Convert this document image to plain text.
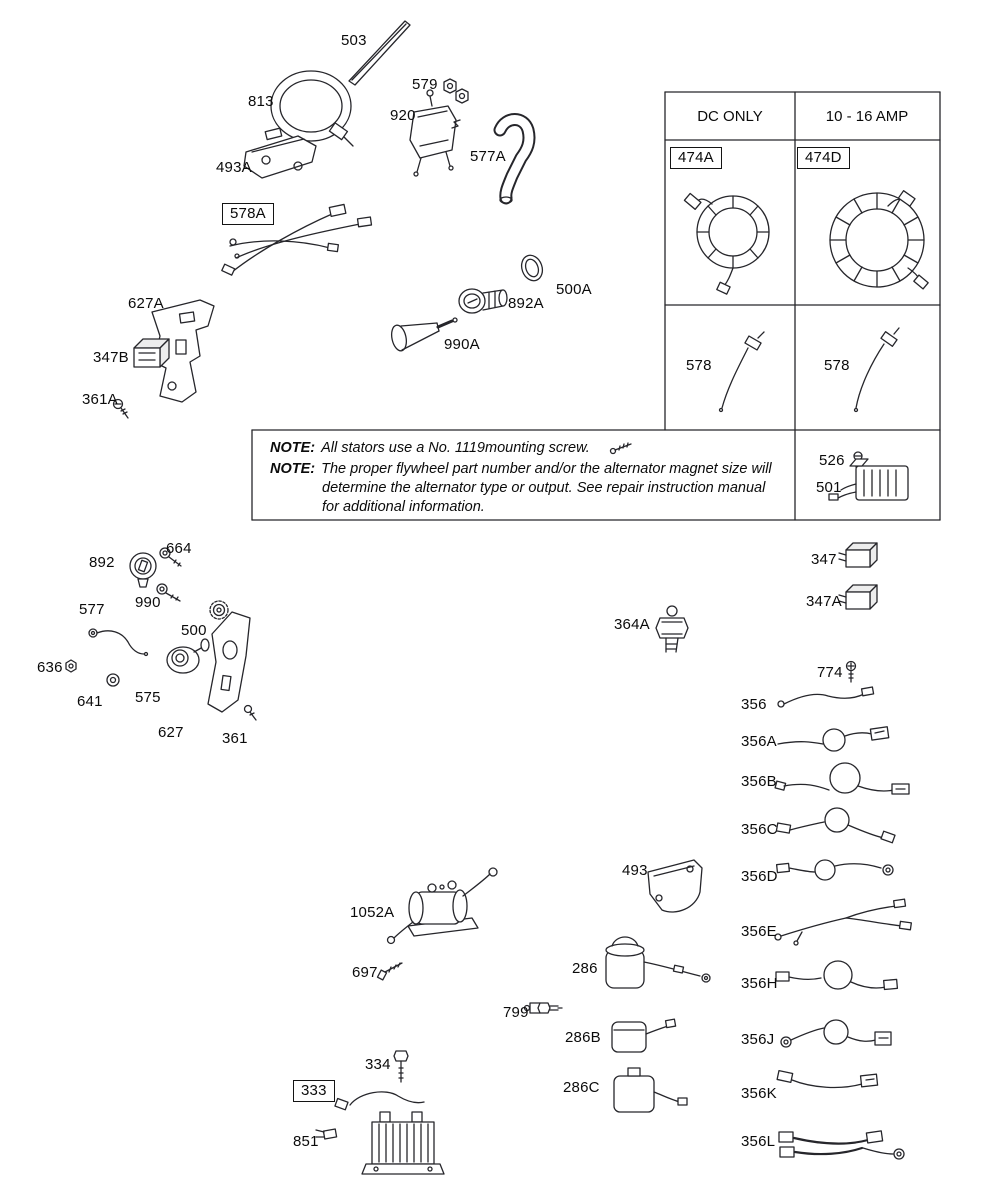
DC ONLY	10 - 16 AMP
NOTE: All stators use a No. 1119mounting screw.
NOTE: The proper flywheel part number and/or the alternator magnet size will
determine the alternator type or output. See repair instruction manual
for additional information.
503
813
493A
579
920
577A
578A
627A
347B
361A
892A
500A
990A
474A	474D
578	578
526
501
892
664
577 990
500
636
641 575
627	361
364A
347
347A
774
356
356A
356B
356C
356D
356E
356H
356J
356K
356L
1052A
697
334
333
851
493
286
799
286B
286C
